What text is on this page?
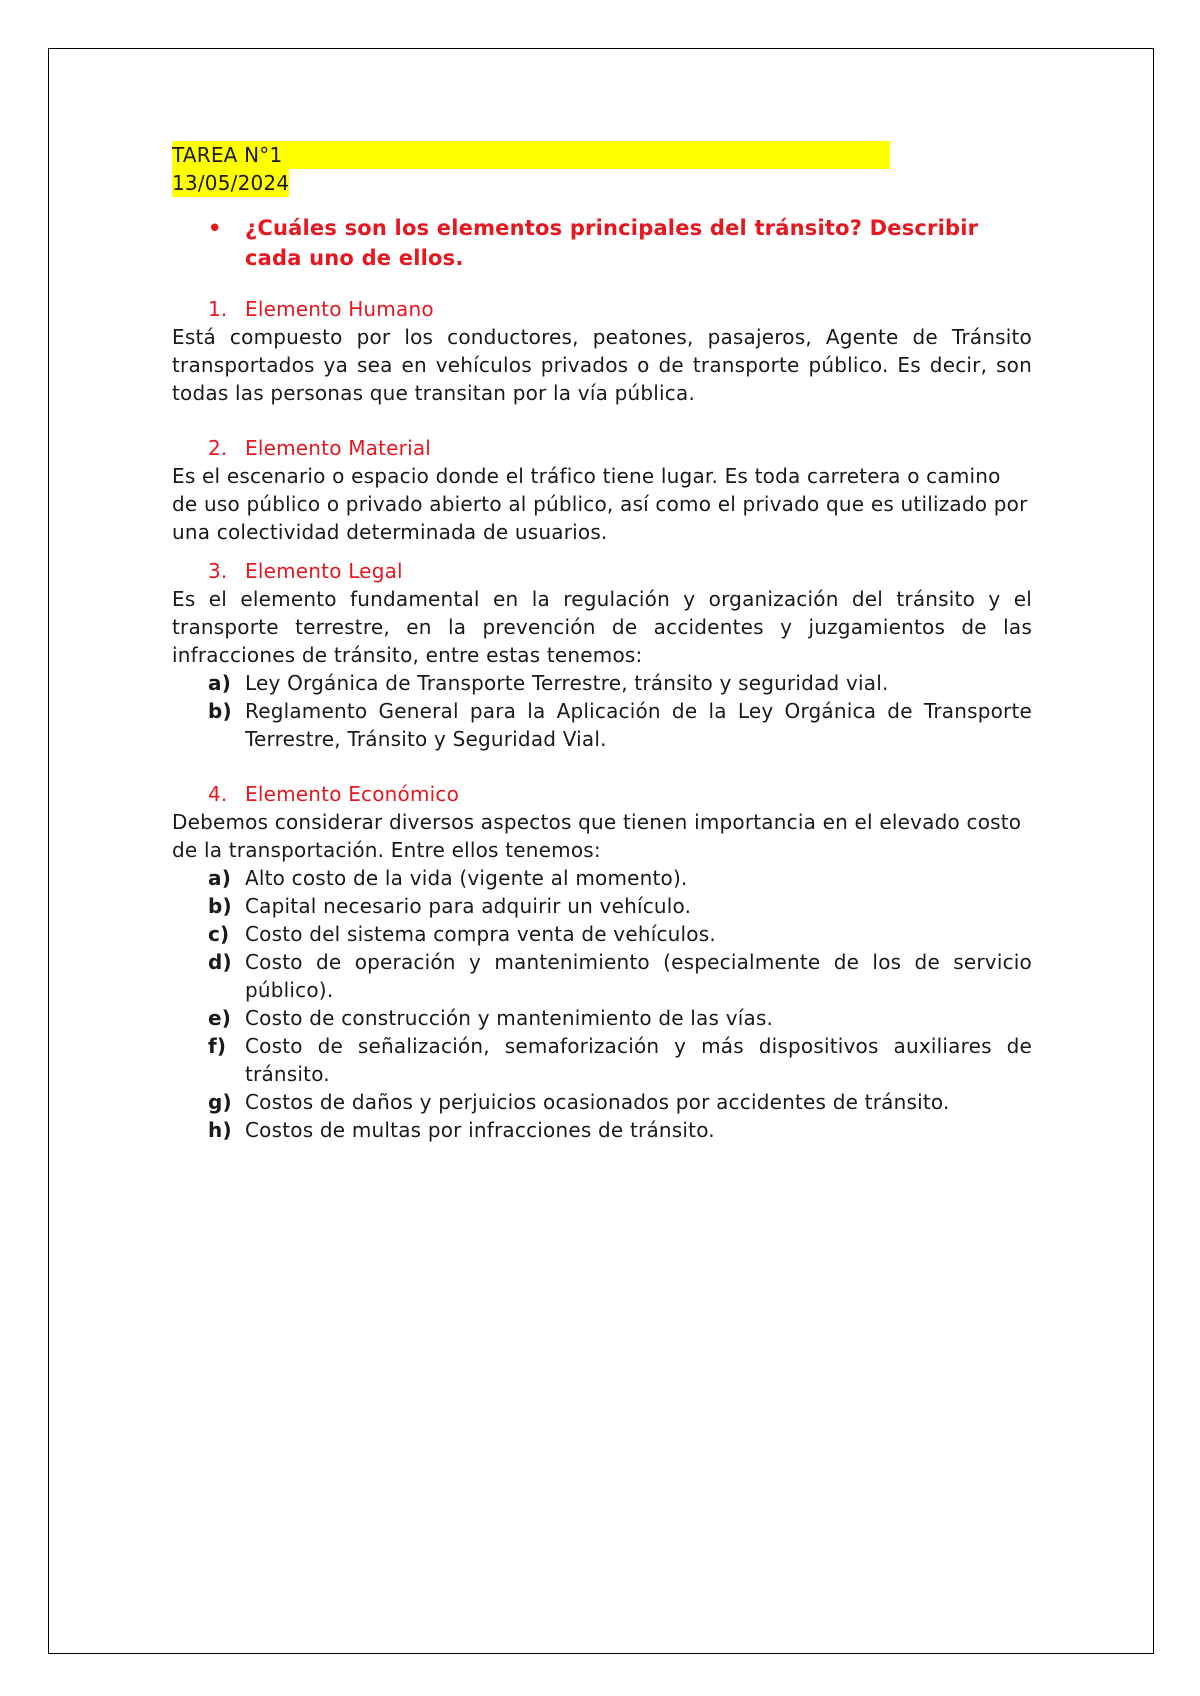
TAREA N°1
13/05/2024
• ¿Cuáles son los elementos principales del tránsito? Describir cada uno de ellos.
1. Elemento Humano

Está compuesto por los conductores, peatones, pasajeros, Agente de Tránsito transportados ya sea en vehículos privados o de transporte público. Es decir, son todas las personas que transitan por la vía pública.

2. Elemento Material

Es el escenario o espacio donde el tráfico tiene lugar. Es toda carretera o camino de uso público o privado abierto al público, así como el privado que es utilizado por una colectividad determinada de usuarios.

3. Elemento Legal

Es el elemento fundamental en la regulación y organización del tránsito y el transporte terrestre, en la prevención de accidentes y juzgamientos de las infracciones de tránsito, entre estas tenemos:

a) Ley Orgánica de Transporte Terrestre, tránsito y seguridad vial.
b) Reglamento General para la Aplicación de la Ley Orgánica de Transporte Terrestre, Tránsito y Seguridad Vial.
4. Elemento Económico

Debemos considerar diversos aspectos que tienen importancia en el elevado costo de la transportación. Entre ellos tenemos:

a) Alto costo de la vida (vigente al momento).
b) Capital necesario para adquirir un vehículo.
c) Costo del sistema compra venta de vehículos.
d) Costo de operación y mantenimiento (especialmente de los de servicio público).
e) Costo de construcción y mantenimiento de las vías.
f) Costo de señalización, semaforización y más dispositivos auxiliares de tránsito.
g) Costos de daños y perjuicios ocasionados por accidentes de tránsito.
h) Costos de multas por infracciones de tránsito.
